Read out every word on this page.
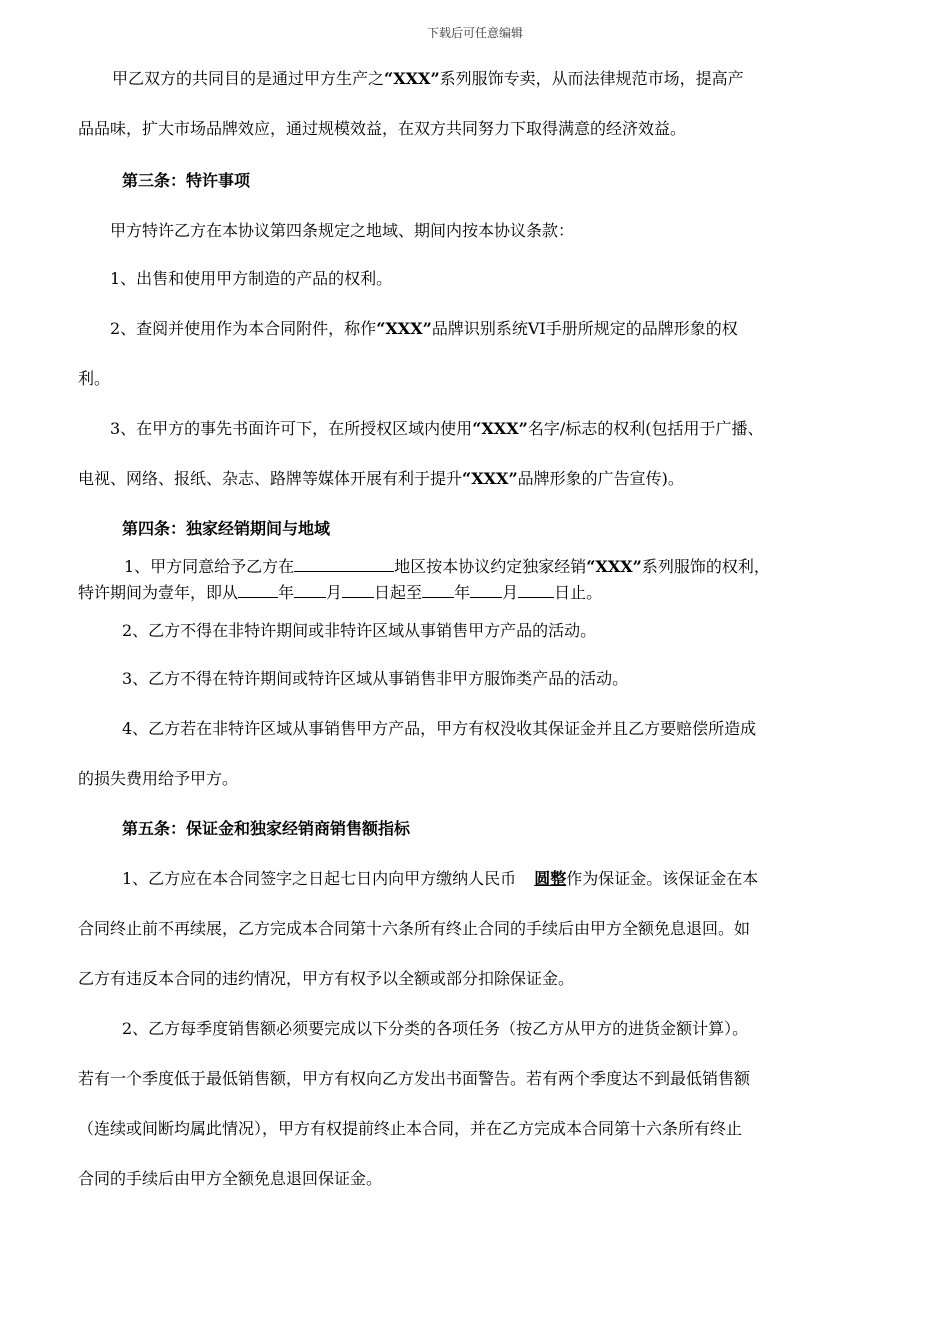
下载后可任意编辑

甲乙双方的共同目的是通过甲方生产之“XXX”系列服饰专卖，从而法律规范市场，提高产

品品味，扩大市场品牌效应，通过规模效益，在双方共同努力下取得满意的经济效益。

第三条：特许事项

甲方特许乙方在本协议第四条规定之地域、期间内按本协议条款：

1、出售和使用甲方制造的产品的权利。

2、查阅并使用作为本合同附件，称作“XXX”品牌识别系统VI手册所规定的品牌形象的权

利。

3、在甲方的事先书面许可下，在所授权区域内使用“XXX”名字/标志的权利(包括用于广播、

电视、网络、报纸、杂志、路牌等媒体开展有利于提升“XXX”品牌形象的广告宣传)。

第四条：独家经销期间与地域

1、甲方同意给予乙方在	地区按本协议约定独家经销“XXX”系列服饰的权利，

特许期间为壹年，即从	年 月 日起至 年 月 日止。

2、乙方不得在非特许期间或非特许区域从事销售甲方产品的活动。

3、乙方不得在特许期间或特许区域从事销售非甲方服饰类产品的活动。

4、乙方若在非特许区域从事销售甲方产品，甲方有权没收其保证金并且乙方要赔偿所造成

的损失费用给予甲方。

第五条：保证金和独家经销商销售额指标

1、乙方应在本合同签字之日起七日内向甲方缴纳人民币 圆整作为保证金。该保证金在本

合同终止前不再续展，乙方完成本合同第十六条所有终止合同的手续后由甲方全额免息退回。如

乙方有违反本合同的违约情况，甲方有权予以全额或部分扣除保证金。

2、乙方每季度销售额必须要完成以下分类的各项任务（按乙方从甲方的进货金额计算）。

若有一个季度低于最低销售额，甲方有权向乙方发出书面警告。若有两个季度达不到最低销售额

（连续或间断均属此情况），甲方有权提前终止本合同，并在乙方完成本合同第十六条所有终止

合同的手续后由甲方全额免息退回保证金。
